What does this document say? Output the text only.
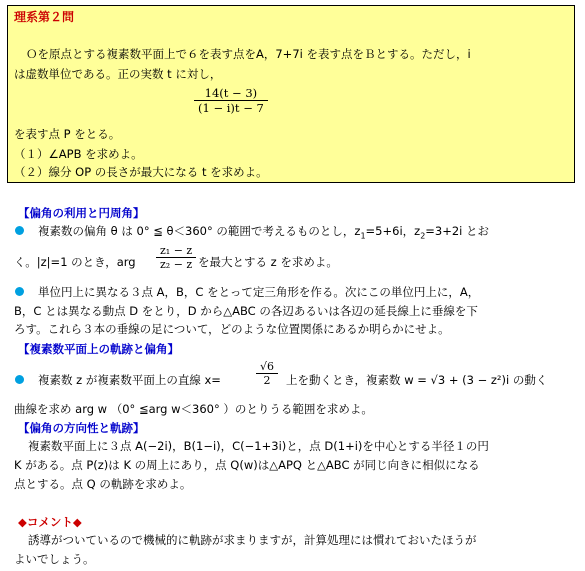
理系第２問
Ｏを原点とする複素数平面上で６を表す点をA，7+7i を表す点をＢとする。ただし，i
は虚数単位である。正の実数 t に対し，
14(t − 3)
(1 − i)t − 7
を表す点 P をとる。
（１）∠APB を求めよ。
（２）線分 OP の長さが最大になる t を求めよ。
【偏角の利用と円周角】
複素数の偏角 θ は 0° ≦ θ＜360° の範囲で考えるものとし，$z_1=5+6i$，$z_2=3+2i$ とお
く。|z|=1 のとき，arg
z₁ − z
z₂ − z を最大とする z を求めよ。
単位円上に異なる３点 A，B，C をとって定三角形を作る。次にこの単位円上に，A，
B，C とは異なる動点 D をとり，D から△ABC の各辺あるいは各辺の延長線上に垂線を下
ろす。これら３本の垂線の足について，どのような位置関係にあるか明らかにせよ。
【複素数平面上の軌跡と偏角】
複素数 z が複素数平面上の直線 x=
√6
2	上を動くとき，複素数 w = √3 + (3 − z²)i の動く
曲線を求め arg w （0° ≦arg w＜360° ）のとりうる範囲を求めよ。
【偏角の方向性と軌跡】
複素数平面上に３点 A(−2i)，B(1−i)，C(−1+3i)と，点 D(1+i)を中心とする半径１の円
K がある。点 P(z)は K の周上にあり，点 Q(w)は△APQ と△ABC が同じ向きに相似になる
点とする。点 Q の軌跡を求めよ。
◆コメント◆
誘導がついているので機械的に軌跡が求まりますが，計算処理には慣れておいたほうが
よいでしょう。
